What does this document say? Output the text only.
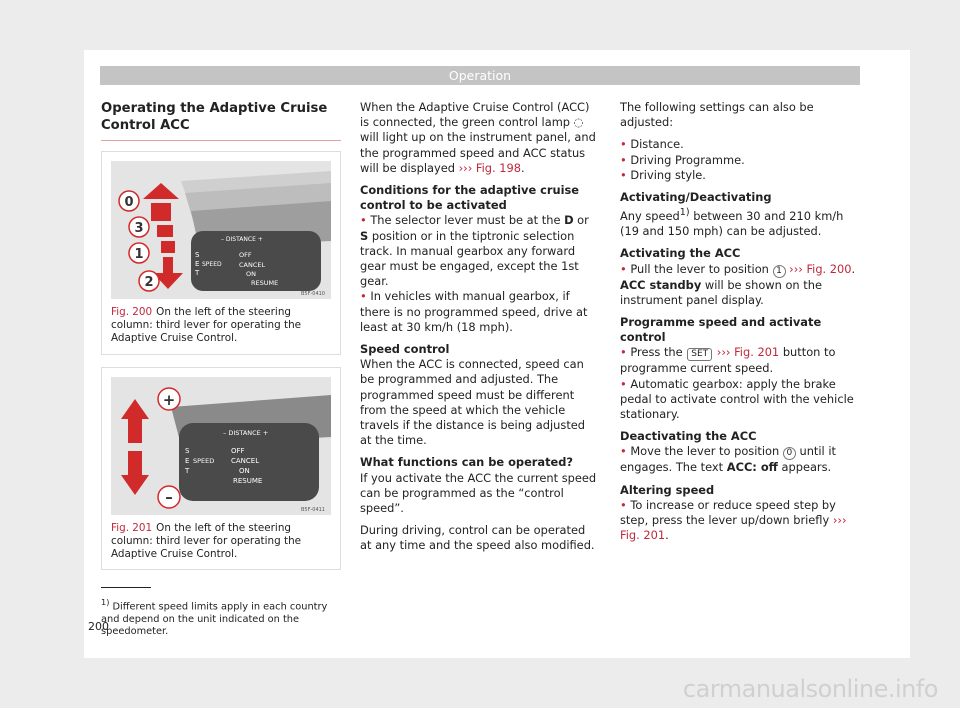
Operation
Operating the Adaptive Cruise Control ACC
– DISTANCE +
S
E SPEED
T
OFF
CANCEL
ON
RESUME
0
3
1
2
B5F-0410
Fig. 200 On the left of the steering column: third lever for operating the Adaptive Cruise Control.
– DISTANCE +
S
E SPEED
T
OFF
CANCEL
ON
RESUME
+
–
B5F-0411
Fig. 201 On the left of the steering column: third lever for operating the Adaptive Cruise Control.

When the Adaptive Cruise Control (ACC) is connected, the green control lamp ◌ will light up on the instrument panel, and the programmed speed and ACC status will be displayed ››› Fig. 198.

Conditions for the adaptive cruise control to be activated
• The selector lever must be at the D or S position or in the tiptronic selection track. In manual gearbox any forward gear must be engaged, except the 1st gear.
• In vehicles with manual gearbox, if there is no programmed speed, drive at least at 30 km/h (18 mph).

Speed control
When the ACC is connected, speed can be programmed and adjusted. The programmed speed must be different from the speed at which the vehicle travels if the distance is being adjusted at the time.

What functions can be operated?
If you activate the ACC the current speed can be programmed as the “control speed”.

During driving, control can be operated at any time and the speed also modified.

The following settings can also be adjusted:

• Distance.
• Driving Programme.
• Driving style.

Activating/Deactivating
Any speed$^{1)}$ between 30 and 210 km/h (19 and 150 mph) can be adjusted.

Activating the ACC
• Pull the lever to position 1 ››› Fig. 200.
ACC standby will be shown on the instrument panel display.

Programme speed and activate control
• Press the SET ››› Fig. 201 button to programme current speed.
• Automatic gearbox: apply the brake pedal to activate control with the vehicle stationary.

Deactivating the ACC
• Move the lever to position 0 until it engages. The text ACC: off appears.

Altering speed
• To increase or reduce speed step by step, press the lever up/down briefly ››› Fig. 201.

$^{1)}$ Different speed limits apply in each country and depend on the unit indicated on the speedometer.
200
carmanualsonline.info
